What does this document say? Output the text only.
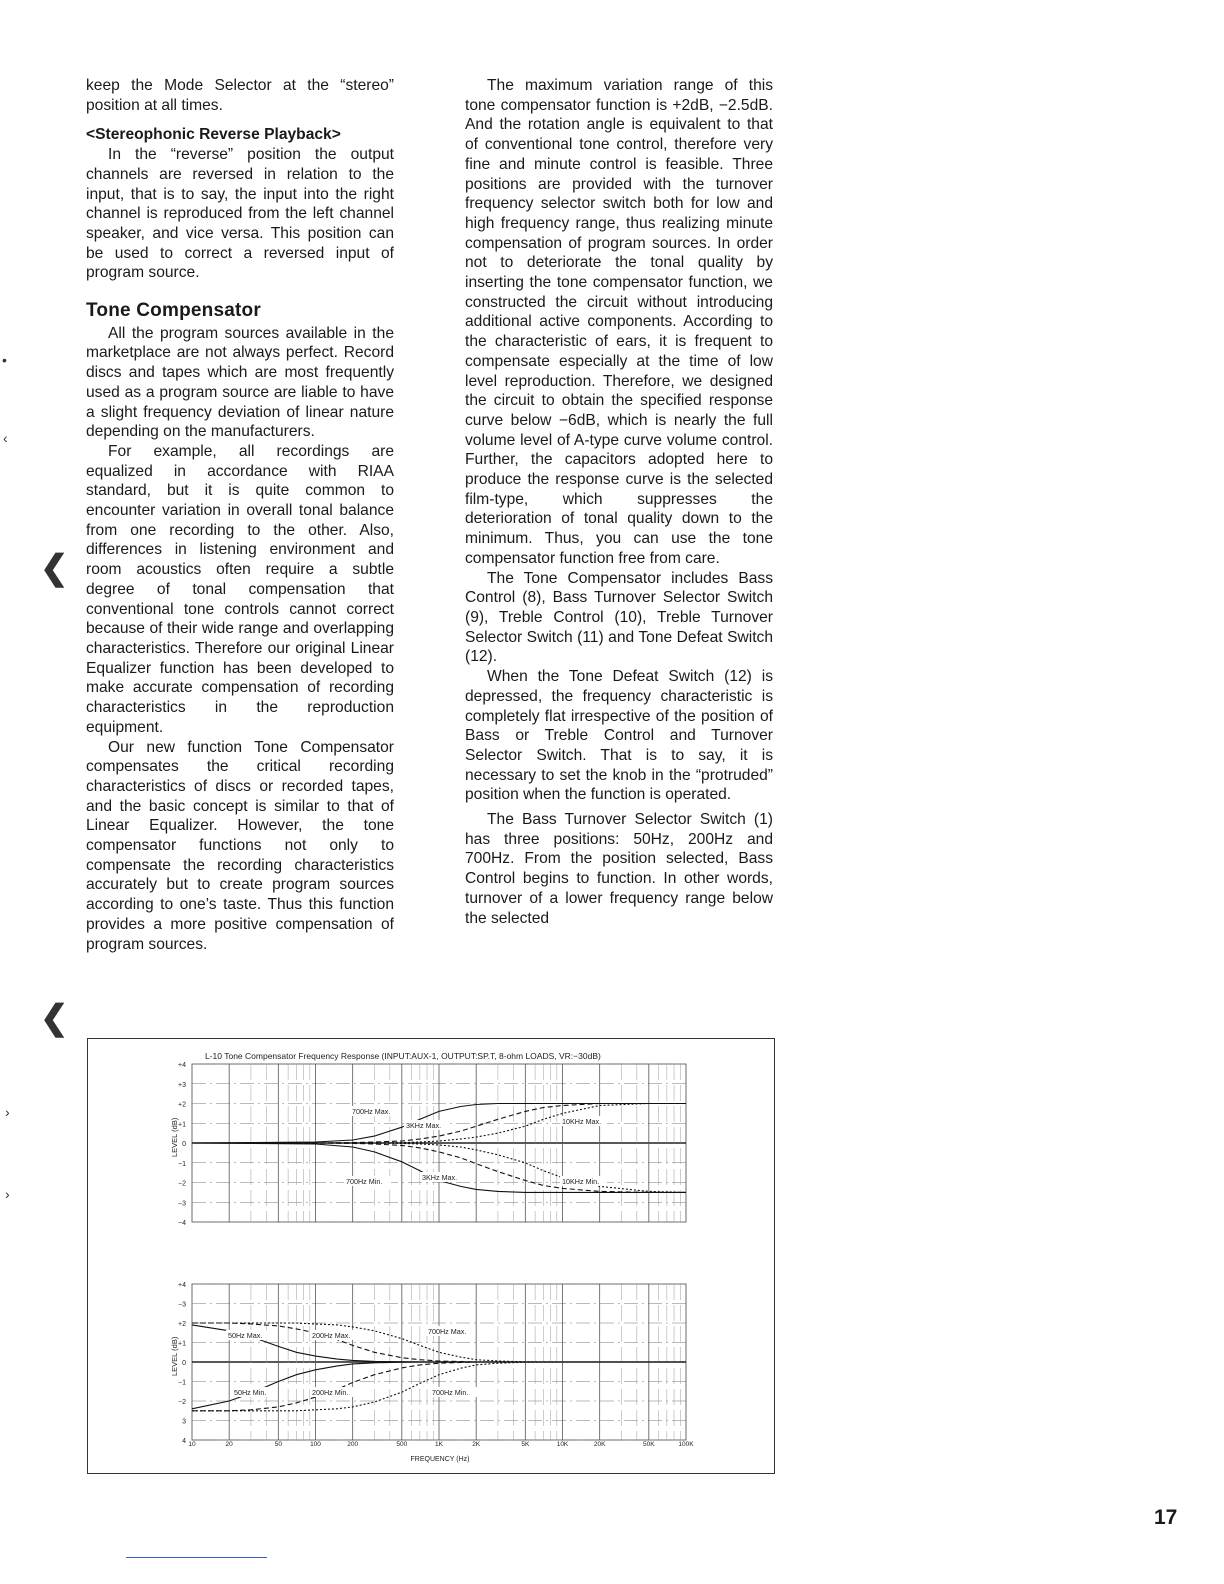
•
‹
›
›
❮
❮

keep the Mode Selector at the “stereo” position at all times.

<Stereophonic Reverse Playback>

In the “reverse” position the output channels are reversed in relation to the input, that is to say, the input into the right channel is reproduced from the left channel speaker, and vice versa. This position can be used to correct a reversed input of program source.

Tone Compensator

All the program sources available in the marketplace are not always perfect. Record discs and tapes which are most frequently used as a program source are liable to have a slight frequency deviation of linear nature depending on the manufacturers.

For example, all recordings are equalized in accordance with RIAA standard, but it is quite common to encounter variation in overall tonal balance from one recording to the other. Also, differences in listening environment and room acoustics often require a subtle degree of tonal compensation that conventional tone controls cannot correct because of their wide range and overlapping characteristics. Therefore our original Linear Equalizer function has been developed to make accurate compensation of recording characteristics in the reproduction equipment.

Our new function Tone Compensator compensates the critical recording characteristics of discs or recorded tapes, and the basic concept is similar to that of Linear Equalizer. However, the tone compensator functions not only to compensate the recording characteristics accurately but to create program sources according to one’s taste. Thus this function provides a more positive compensation of program sources.

The maximum variation range of this tone compensator function is +2dB, −2.5dB. And the rotation angle is equivalent to that of conventional tone control, therefore very fine and minute control is feasible. Three positions are provided with the turnover frequency selector switch both for low and high frequency range, thus realizing minute compensation of program sources. In order not to deteriorate the tonal quality by inserting the tone compensator function, we constructed the circuit without introducing additional active components. According to the characteristic of ears, it is frequent to compensate especially at the time of low level reproduction. Therefore, we designed the circuit to obtain the specified response curve below −6dB, which is nearly the full volume level of A-type curve volume control. Further, the capacitors adopted here to produce the response curve is the selected film-type, which suppresses the deterioration of tonal quality down to the minimum. Thus, you can use the tone compensator function free from care.

The Tone Compensator includes Bass Control (8), Bass Turnover Selector Switch (9), Treble Control (10), Treble Turnover Selector Switch (11) and Tone Defeat Switch (12).

When the Tone Defeat Switch (12) is depressed, the frequency characteristic is completely flat irrespective of the position of Bass or Treble Control and Turnover Selector Switch. That is to say, it is necessary to set the knob in the “protruded” position when the function is operated.

The Bass Turnover Selector Switch (1) has three positions: 50Hz, 200Hz and 700Hz. From the position selected, Bass Control begins to function. In other words, turnover of a lower frequency range below the selected

L-10 Tone Compensator Frequency Response (INPUT:AUX-1, OUTPUT:SP.T, 8-ohm LOADS, VR:−30dB)
+4
+3
+2
+1
0
−1
−2
−3
−4
LEVEL (dB)
+4
−3
+2
+1
0
−1
−2
3
4
LEVEL (dB)
700Hz Max.
3KHz Max.	10KHz Max.
700Hz Min.	3KHz Max.	10KHz Min.
50Hz Max.	200Hz Max.	700Hz Max.
50Hz Min.	200Hz Min.	700Hz Min.
10	20	50	100	200	500	1K	2K	5K	10K	20K	50K	100K
FREQUENCY (Hz)
17
